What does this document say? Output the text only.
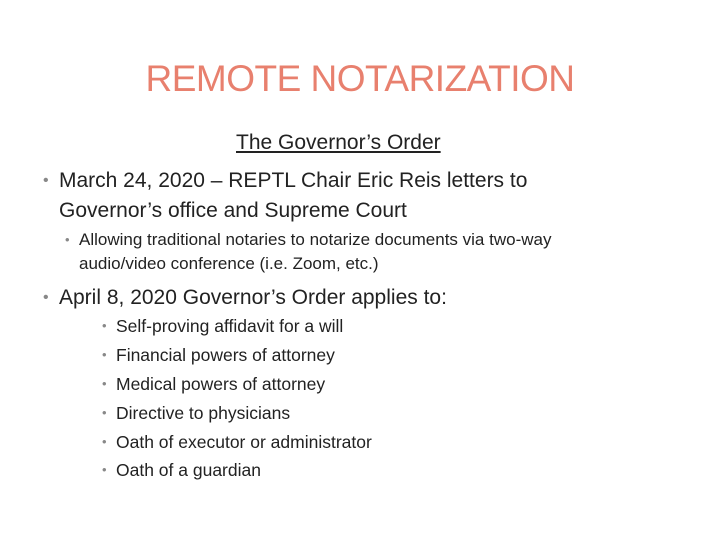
REMOTE NOTARIZATION
The Governor’s Order
• March 24, 2020 – REPTL Chair Eric Reis letters to
Governor’s office and Supreme Court
• Allowing traditional notaries to notarize documents via two-way
audio/video conference (i.e. Zoom, etc.)
• April 8, 2020 Governor’s Order applies to:
• Self-proving affidavit for a will
• Financial powers of attorney
• Medical powers of attorney
• Directive to physicians
• Oath of executor or administrator
• Oath of a guardian
